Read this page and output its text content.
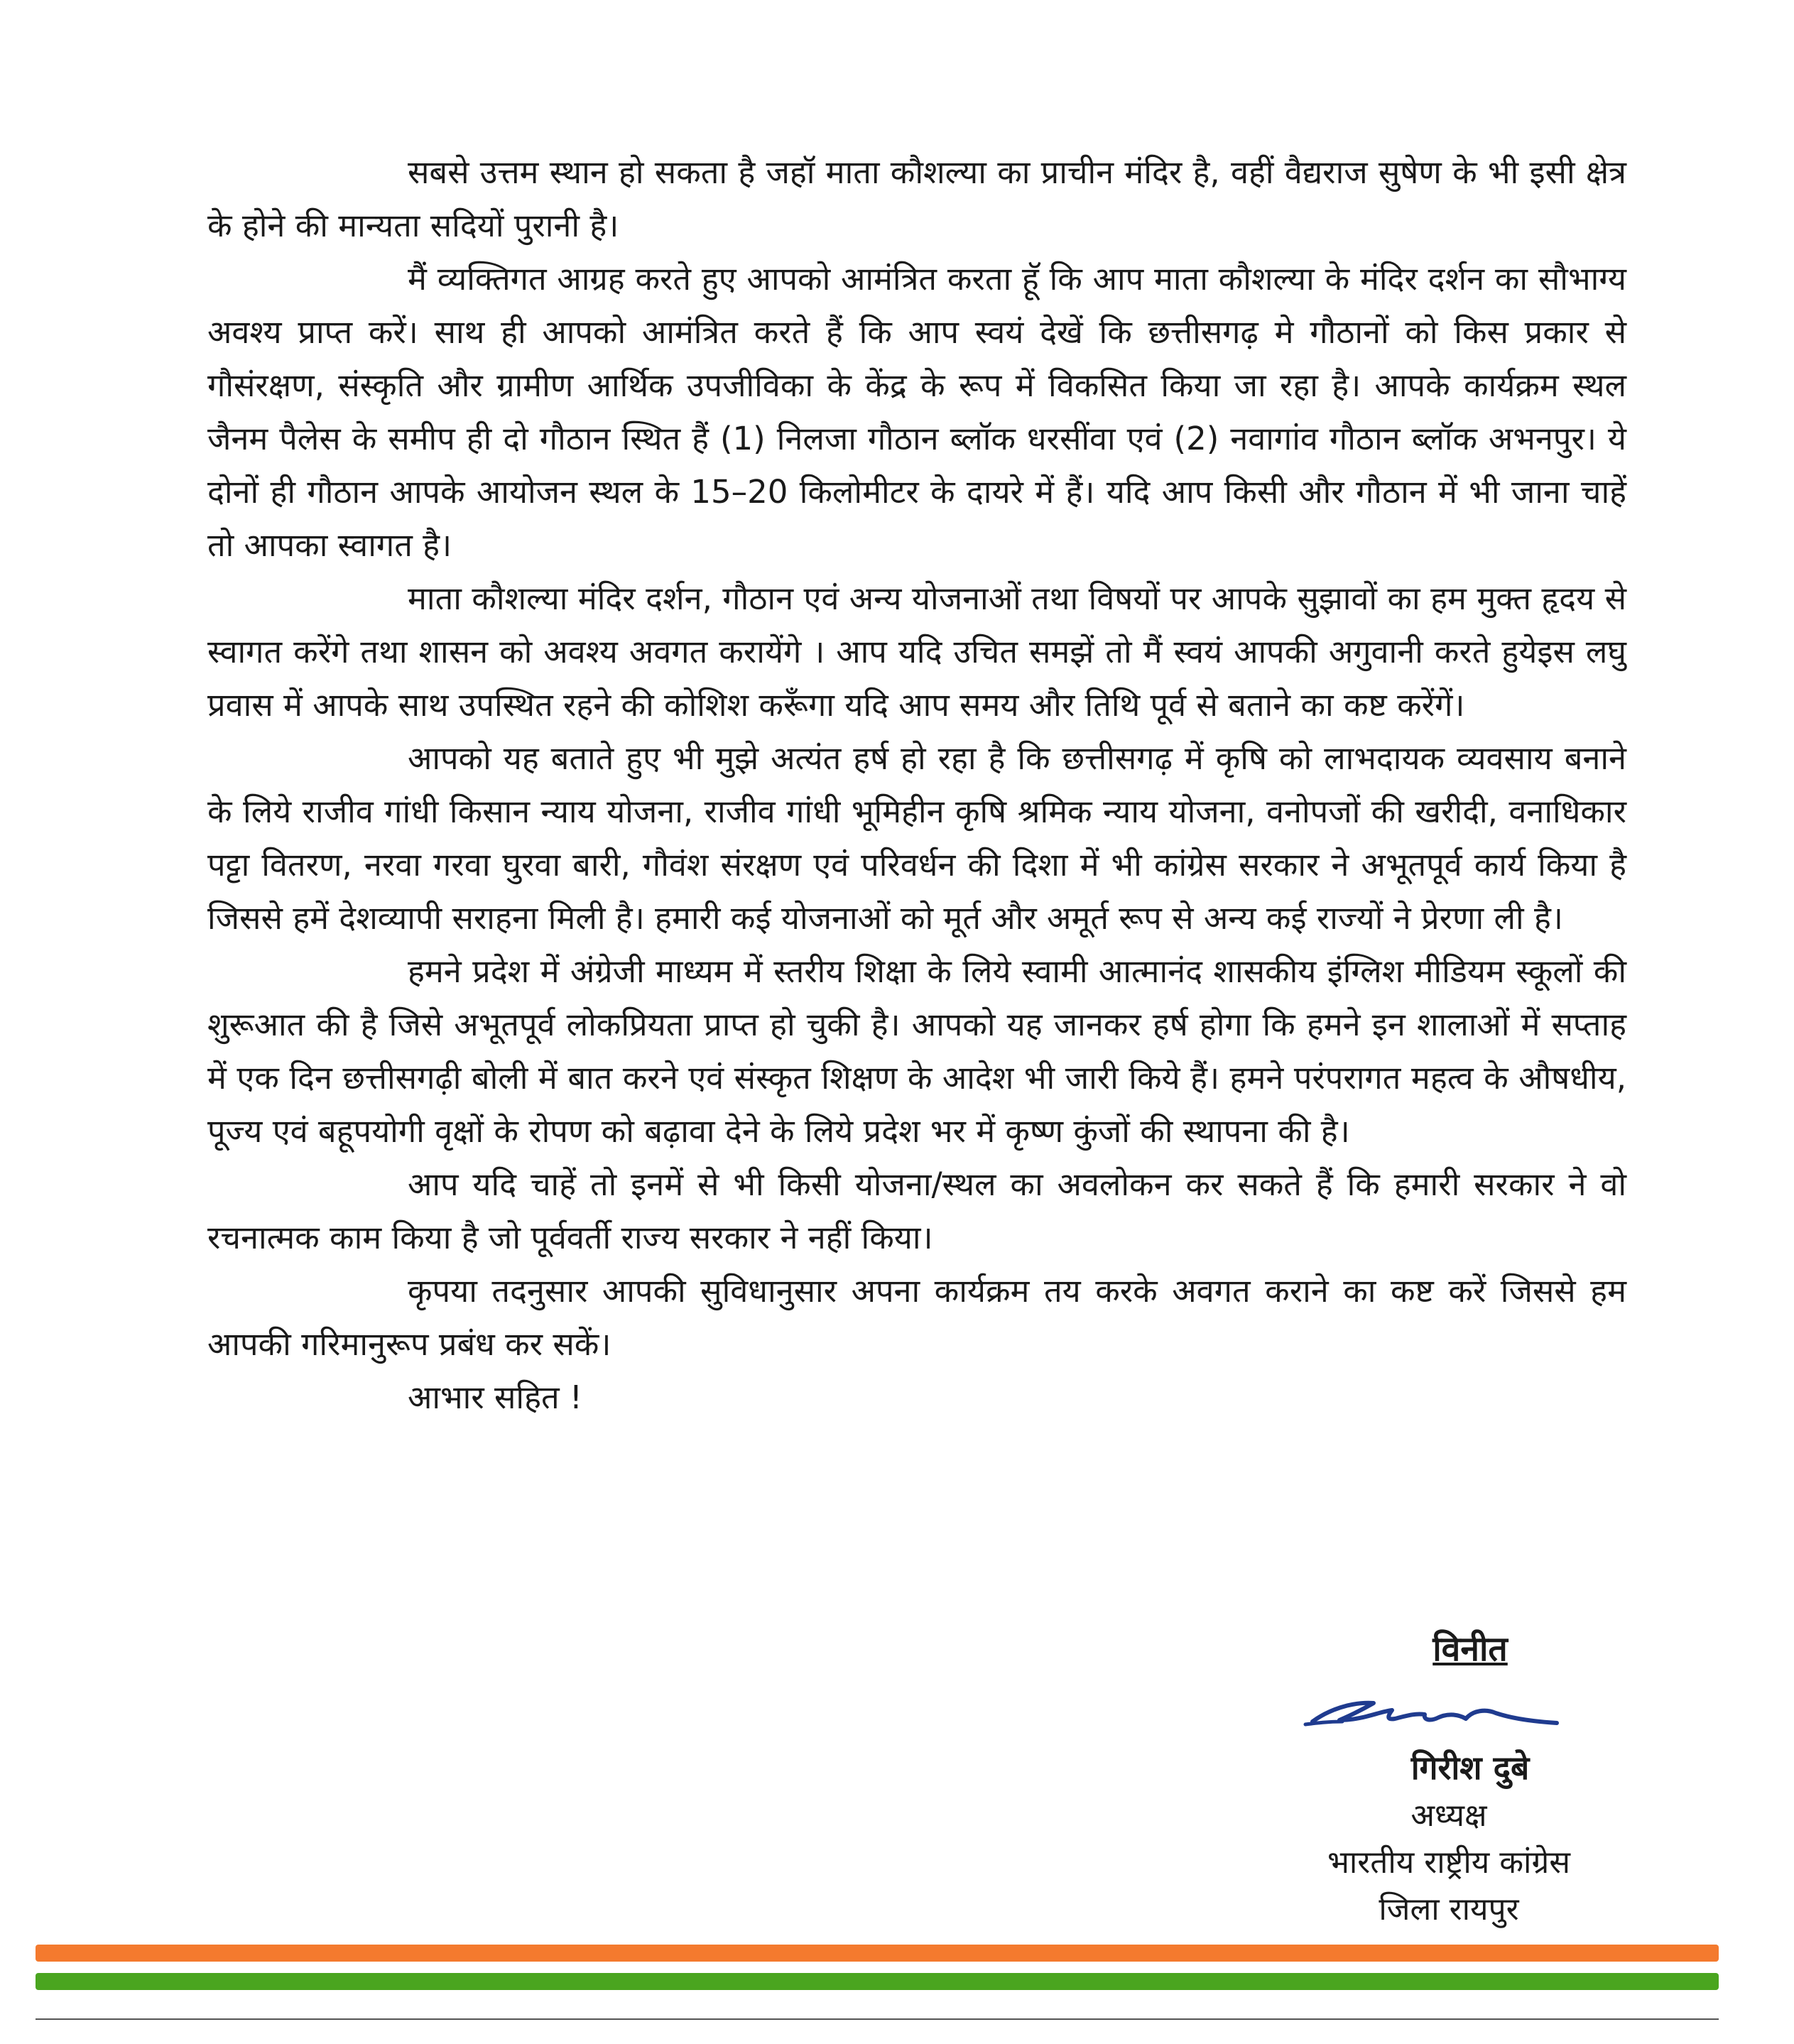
सबसे उत्तम स्थान हो सकता है जहॉ माता कौशल्या का प्राचीन मंदिर है, वहीं वैद्यराज सुषेण के भी इसी क्षेत्र के होने की मान्यता सदियों पुरानी है।

मैं व्यक्तिगत आग्रह करते हुए आपको आमंत्रित करता हूॅ कि आप माता कौशल्या के मंदिर दर्शन का सौभाग्य अवश्य प्राप्त करें। साथ ही आपको आमंत्रित करते हैं कि आप स्वयं देखें कि छत्तीसगढ़ मे गौठानों को किस प्रकार से गौसंरक्षण, संस्कृति और ग्रामीण आर्थिक उपजीविका के केंद्र के रूप में विकसित किया जा रहा है। आपके कार्यक्रम स्थल जैनम पैलेस के समीप ही दो गौठान स्थित हैं (1) निलजा गौठान ब्लॉक धरसींवा एवं (2) नवागांव गौठान ब्लॉक अभनपुर। ये दोनों ही गौठान आपके आयोजन स्थल के 15–20 किलोमीटर के दायरे में हैं। यदि आप किसी और गौठान में भी जाना चाहें तो आपका स्वागत है।

माता कौशल्या मंदिर दर्शन, गौठान एवं अन्य योजनाओं तथा विषयों पर आपके सुझावों का हम मुक्त हृदय से स्वागत करेंगे तथा शासन को अवश्य अवगत करायेंगे । आप यदि उचित समझें तो मैं स्वयं आपकी अगुवानी करते हुयेइस लघु प्रवास में आपके साथ उपस्थित रहने की कोशिश करूँगा यदि आप समय और तिथि पूर्व से बताने का कष्ट करेंगें।

आपको यह बताते हुए भी मुझे अत्यंत हर्ष हो रहा है कि छत्तीसगढ़ में कृषि को लाभदायक व्यवसाय बनाने के लिये राजीव गांधी किसान न्याय योजना, राजीव गांधी भूमिहीन कृषि श्रमिक न्याय योजना, वनोपजों की खरीदी, वनाधिकार पट्टा वितरण, नरवा गरवा घुरवा बारी, गौवंश संरक्षण एवं परिवर्धन की दिशा में भी कांग्रेस सरकार ने अभूतपूर्व कार्य किया है जिससे हमें देशव्यापी सराहना मिली है। हमारी कई योजनाओं को मूर्त और अमूर्त रूप से अन्य कई राज्यों ने प्रेरणा ली है।

हमने प्रदेश में अंग्रेजी माध्यम में स्तरीय शिक्षा के लिये स्वामी आत्मानंद शासकीय इंग्लिश मीडियम स्कूलों की शुरूआत की है जिसे अभूतपूर्व लोकप्रियता प्राप्त हो चुकी है। आपको यह जानकर हर्ष होगा कि हमने इन शालाओं में सप्ताह में एक दिन छत्तीसगढ़ी बोली में बात करने एवं संस्कृत शिक्षण के आदेश भी जारी किये हैं। हमने परंपरागत महत्व के औषधीय, पूज्य एवं बहूपयोगी वृक्षों के रोपण को बढ़ावा देने के लिये प्रदेश भर में कृष्ण कुंजों की स्थापना की है।

आप यदि चाहें तो इनमें से भी किसी योजना/स्थल का अवलोकन कर सकते हैं कि हमारी सरकार ने वो रचनात्मक काम किया है जो पूर्ववर्ती राज्य सरकार ने नहीं किया।

कृपया तदनुसार आपकी सुविधानुसार अपना कार्यक्रम तय करके अवगत कराने का कष्ट करें जिससे हम आपकी गरिमानुरूप प्रबंध कर सकें।

आभार सहित !

विनीत
गिरीश दुबे
अध्यक्ष
भारतीय राष्ट्रीय कांग्रेस
जिला रायपुर
